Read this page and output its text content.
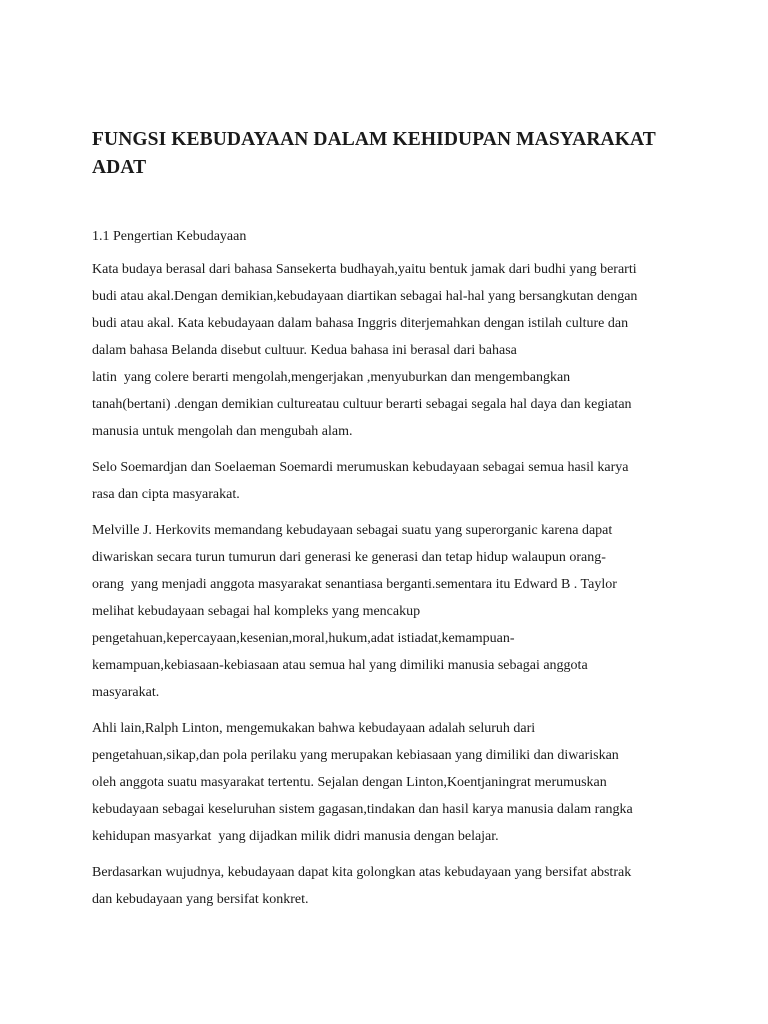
FUNGSI KEBUDAYAAN DALAM KEHIDUPAN MASYARAKAT ADAT
1.1 Pengertian Kebudayaan
Kata budaya berasal dari bahasa Sansekerta budhayah,yaitu bentuk jamak dari budhi yang berarti
budi atau akal.Dengan demikian,kebudayaan diartikan sebagai hal-hal yang bersangkutan dengan
budi atau akal. Kata kebudayaan dalam bahasa Inggris diterjemahkan dengan istilah culture dan
dalam bahasa Belanda disebut cultuur. Kedua bahasa ini berasal dari bahasa
latin  yang colere berarti mengolah,mengerjakan ,menyuburkan dan mengembangkan
tanah(bertani) .dengan demikian cultureatau cultuur berarti sebagai segala hal daya dan kegiatan
manusia untuk mengolah dan mengubah alam.
Selo Soemardjan dan Soelaeman Soemardi merumuskan kebudayaan sebagai semua hasil karya
rasa dan cipta masyarakat.
Melville J. Herkovits memandang kebudayaan sebagai suatu yang superorganic karena dapat
diwariskan secara turun tumurun dari generasi ke generasi dan tetap hidup walaupun orang-
orang  yang menjadi anggota masyarakat senantiasa berganti.sementara itu Edward B . Taylor
melihat kebudayaan sebagai hal kompleks yang mencakup
pengetahuan,kepercayaan,kesenian,moral,hukum,adat istiadat,kemampuan-
kemampuan,kebiasaan-kebiasaan atau semua hal yang dimiliki manusia sebagai anggota
masyarakat.
Ahli lain,Ralph Linton, mengemukakan bahwa kebudayaan adalah seluruh dari
pengetahuan,sikap,dan pola perilaku yang merupakan kebiasaan yang dimiliki dan diwariskan
oleh anggota suatu masyarakat tertentu. Sejalan dengan Linton,Koentjaningrat merumuskan
kebudayaan sebagai keseluruhan sistem gagasan,tindakan dan hasil karya manusia dalam rangka
kehidupan masyarkat  yang dijadkan milik didri manusia dengan belajar.
Berdasarkan wujudnya, kebudayaan dapat kita golongkan atas kebudayaan yang bersifat abstrak
dan kebudayaan yang bersifat konkret.
